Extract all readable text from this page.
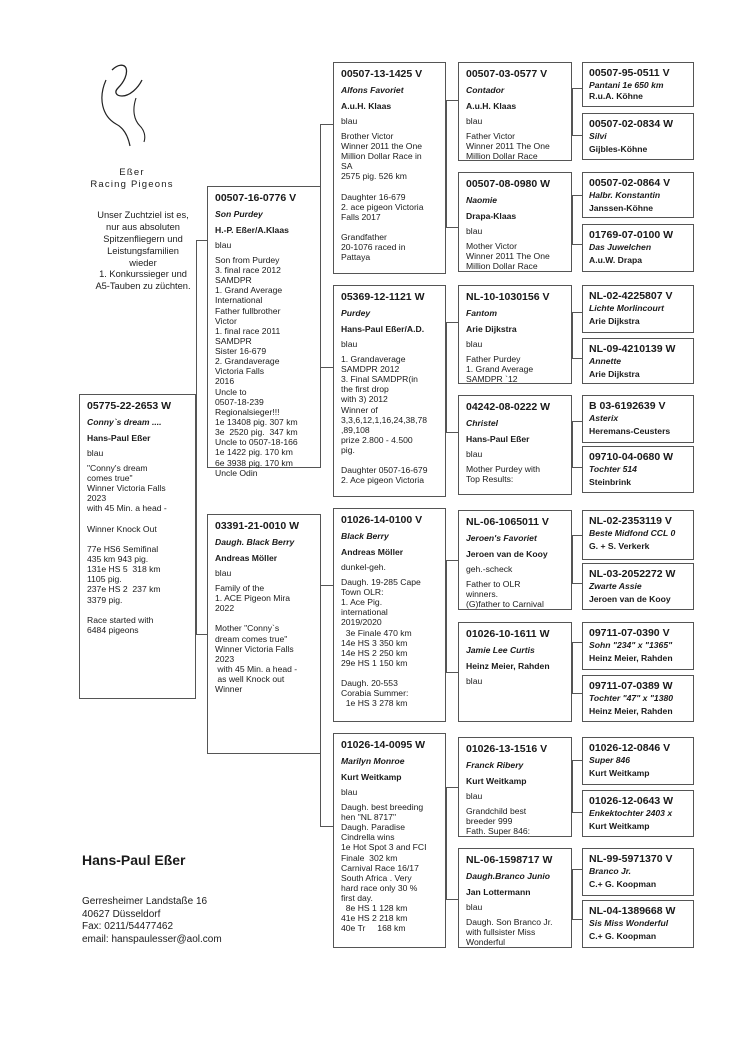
Eßer
Racing Pigeons
Unser Zuchtziel ist es,
nur aus absoluten
Spitzenfliegern und
Leistungsfamilien
wieder
1. Konkurssieger und
A5-Tauben zu züchten.
05775-22-2653 W
Conny`s dream ....
Hans-Paul Eßer
blau
"Conny's dream
comes true"
Winner Victoria Falls
2023
with 45 Min. a head -

Winner Knock Out

77e HS6 Semifinal
435 km 943 pig.
131e HS 5  318 km
1105 pig.
237e HS 2  237 km
3379 pig.

Race started with
6484 pigeons
00507-16-0776 V
Son Purdey
H.-P. Eßer/A.Klaas
blau
Son from Purdey
3. final race 2012
SAMDPR
1. Grand Average
International
Father fullbrother
Victor
1. final race 2011
SAMDPR
Sister 16-679
2. Grandaverage
Victoria Falls
2016
Uncle to
0507-18-239
Regionalsieger!!!
1e 13408 pig. 307 km
3e  2520 pig.  347 km
Uncle to 0507-18-166
1e 1422 pig. 170 km
6e 3938 pig. 170 km
Uncle Odin
03391-21-0010 W
Daugh. Black Berry
Andreas Möller
blau
Family of the
1. ACE Pigeon Mira
2022

Mother "Conny`s
dream comes true"
Winner Victoria Falls
2023
with 45 Min. a head -
as well Knock out
Winner
00507-13-1425 V
Alfons Favoriet
A.u.H. Klaas
blau
Brother Victor
Winner 2011 the One
Million Dollar Race in
SA
2575 pig. 526 km

Daughter 16-679
2. ace pigeon Victoria
Falls 2017

Grandfather
20-1076 raced in
Pattaya
05369-12-1121 W
Purdey
Hans-Paul Eßer/A.D.
blau
1. Grandaverage
SAMDPR 2012
3. Final SAMDPR(in
the first drop
with 3) 2012
Winner of
3,3,6,12,1,16,24,38,78
,89,108
prize 2.800 - 4.500
pig.

Daughter 0507-16-679
2. Ace pigeon Victoria
01026-14-0100 V
Black Berry
Andreas Möller
dunkel-geh.
Daugh. 19-285 Cape
Town OLR:
1. Ace Pig.
international
2019/2020
3e Finale 470 km
14e HS 3 350 km
14e HS 2 250 km
29e HS 1 150 km

Daugh. 20-553
Corabia Summer:
1e HS 3 278 km
01026-14-0095 W
Marilyn Monroe
Kurt Weitkamp
blau
Daugh. best breeding
hen "NL 8717"
Daugh. Paradise
Cindrella wins
1e Hot Spot 3 and FCI
Finale  302 km
Carnival Race 16/17
South Africa . Very
hard race only 30 %
first day.
8e HS 1 128 km
41e HS 2 218 km
40e Tr     168 km
00507-03-0577 V
Contador
A.u.H. Klaas
blau
Father Victor
Winner 2011 The One
Million Dollar Race
00507-08-0980 W
Naomie
Drapa-Klaas
blau
Mother Victor
Winner 2011 The One
Million Dollar Race
NL-10-1030156 V
Fantom
Arie Dijkstra
blau
Father Purdey
1. Grand Average
SAMDPR `12
04242-08-0222 W
Christel
Hans-Paul Eßer
blau
Mother Purdey with
Top Results:
NL-06-1065011 V
Jeroen's Favoriet
Jeroen van de Kooy
geh.-scheck
Father to OLR
winners.
(G)father to Carnival
01026-10-1611 W
Jamie Lee Curtis
Heinz Meier, Rahden
blau
01026-13-1516 V
Franck Ribery
Kurt Weitkamp
blau
Grandchild best
breeder 999
Fath. Super 846:
NL-06-1598717 W
Daugh.Branco Junio
Jan Lottermann
blau
Daugh. Son Branco Jr.
with fullsister Miss
Wonderful
00507-95-0511 V
Pantani 1e 650 km
R.u.A. Köhne
00507-02-0834 W
Silvi
Gijbles-Köhne
00507-02-0864 V
Halbr. Konstantin
Janssen-Köhne
01769-07-0100 W
Das Juwelchen
A.u.W. Drapa
NL-02-4225807 V
Lichte Morlincourt
Arie Dijkstra
NL-09-4210139 W
Annette
Arie Dijkstra
B 03-6192639 V
Asterix
Heremans-Ceusters
09710-04-0680 W
Tochter 514
Steinbrink
NL-02-2353119 V
Beste Midfond CCL 0
G. + S. Verkerk
NL-03-2052272 W
Zwarte Assie
Jeroen van de Kooy
09711-07-0390 V
Sohn "234" x "1365"
Heinz Meier, Rahden
09711-07-0389 W
Tochter "47" x "1380
Heinz Meier, Rahden
01026-12-0846 V
Super 846
Kurt Weitkamp
01026-12-0643 W
Enkektochter 2403 x
Kurt Weitkamp
NL-99-5971370 V
Branco Jr.
C.+ G. Koopman
NL-04-1389668 W
Sis Miss Wonderful
C.+ G. Koopman
Hans-Paul Eßer
Gerresheimer Landstaße 16
40627 Düsseldorf
Fax: 0211/54477462
email: hanspaulesser@aol.com
